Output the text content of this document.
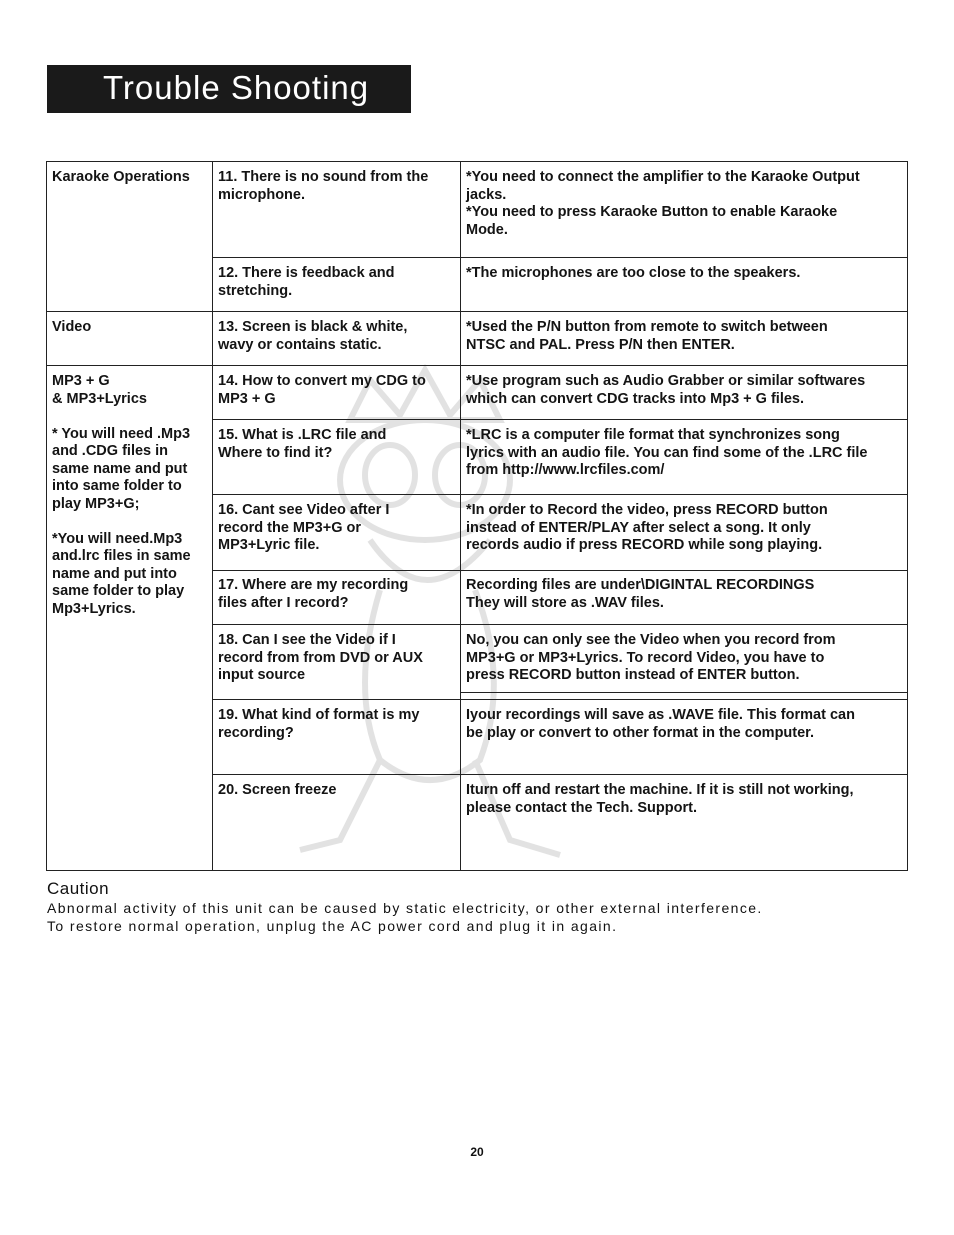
Trouble Shooting
Karaoke Operations
Video
MP3 + G
& MP3+Lyrics

* You will need .Mp3
and .CDG files in
same name and put
into same folder to
play MP3+G;

*You will need.Mp3
and.lrc files in same
name and put into
same folder to play
Mp3+Lyrics.
11. There is no sound from the
microphone.
*You need to connect the amplifier to the Karaoke Output
jacks.
*You need to press Karaoke Button to enable Karaoke
Mode.
12. There is feedback and
stretching.
*The microphones are too close to the speakers.
13. Screen is black & white,
wavy or contains static.
*Used the P/N button from remote to switch between
NTSC and PAL. Press P/N then ENTER.
14. How to convert my CDG to
MP3 + G
*Use program such as Audio Grabber or similar softwares
which can convert CDG tracks into Mp3 + G files.
15. What is .LRC file and
Where to find it?
*LRC is a computer file format that synchronizes song
lyrics with an audio file. You can find some of the .LRC file
from http://www.lrcfiles.com/
16. Cant see Video after I
record the MP3+G or
MP3+Lyric file.
*In order to Record the video, press RECORD button
instead of ENTER/PLAY after select a song. It only
records audio if press RECORD while song playing.
17. Where are my recording
files after I record?
Recording files are under\DIGINTAL RECORDINGS
They will store as .WAV files.
18. Can I see the Video if I
record from from DVD or AUX
input source
No, you can only see the Video when you record from
MP3+G or MP3+Lyrics. To record Video, you have to
press RECORD button instead of ENTER button.
19. What kind of format is my
recording?
Iyour recordings will save as .WAVE file. This format can
be play or convert to other format in the computer.
20. Screen freeze	Iturn off and restart the machine. If it is still not working,
please contact the Tech. Support.
Caution
Abnormal activity of this unit can be caused by static electricity, or other external interference.
To restore normal operation, unplug the AC power cord and plug it in again.
20
